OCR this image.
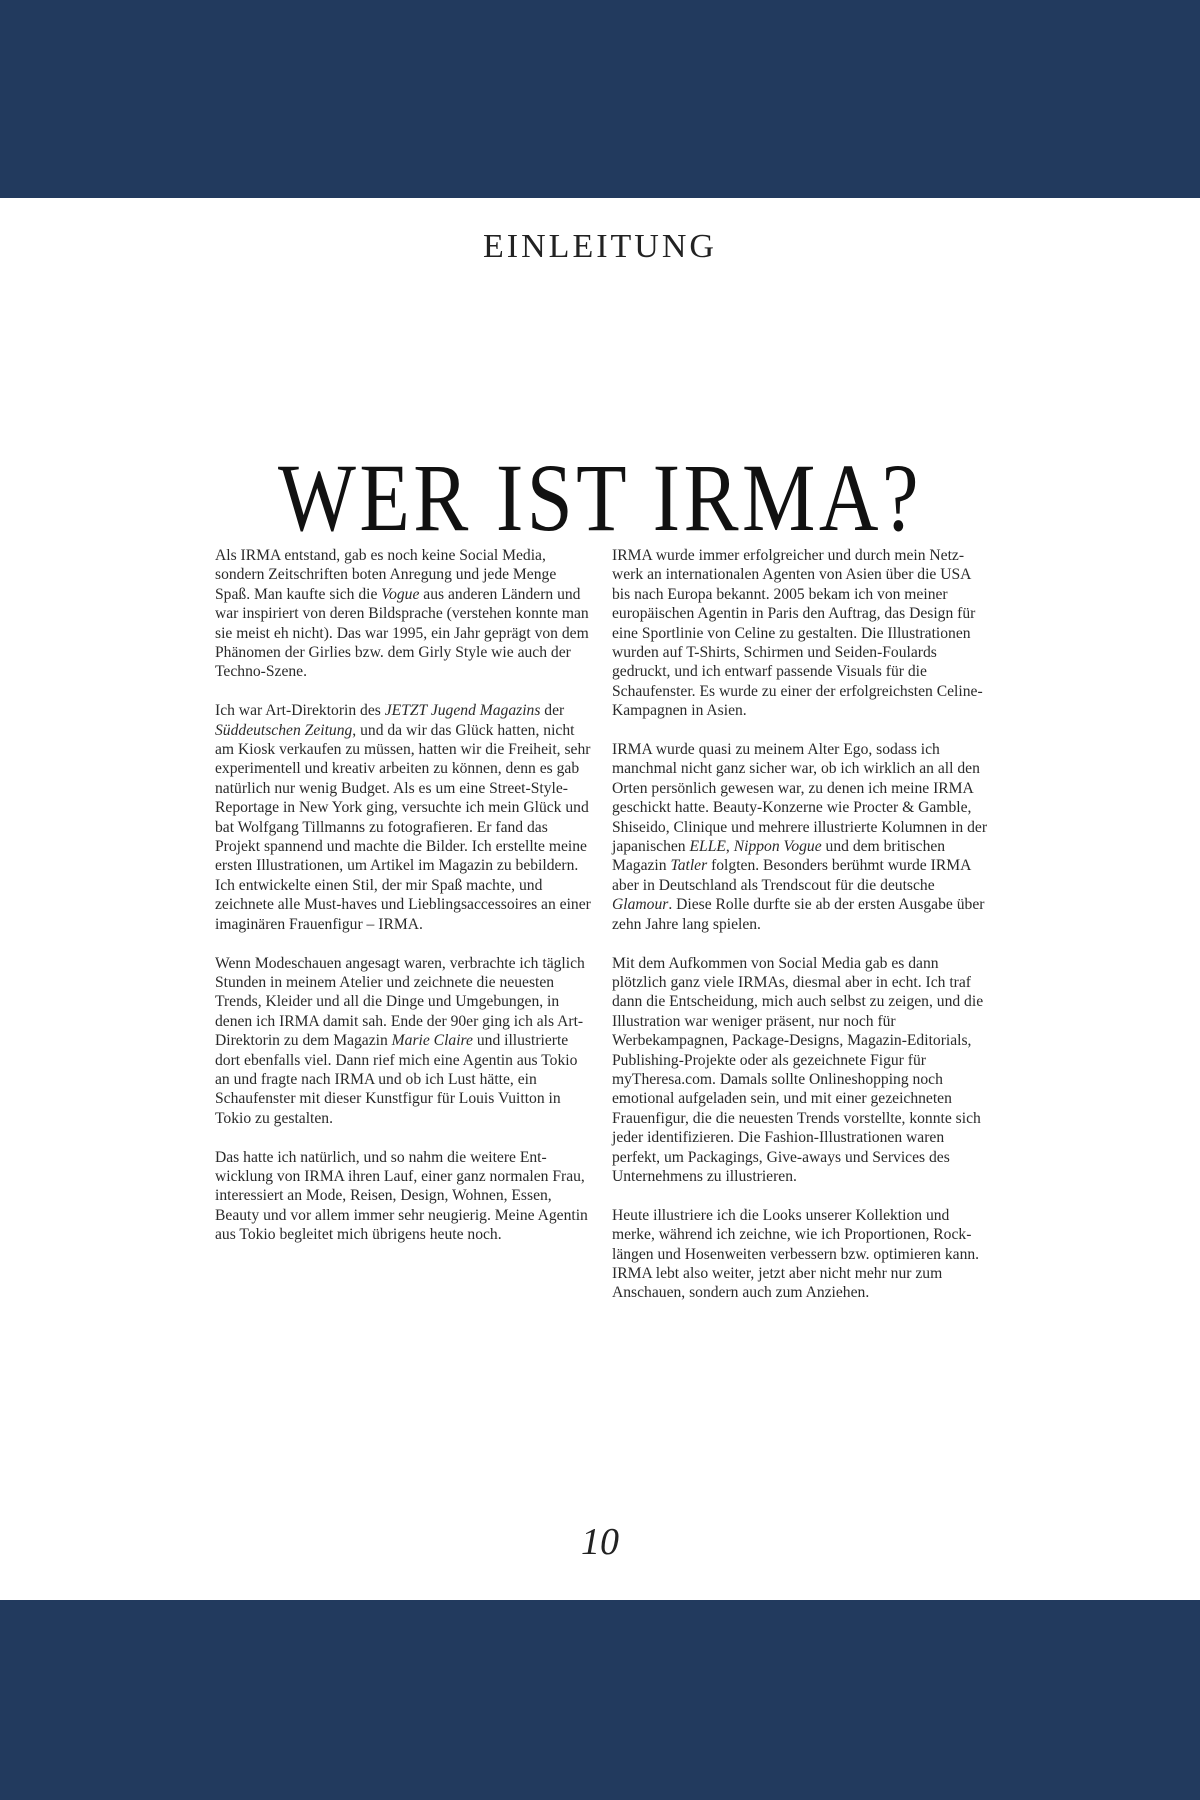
EINLEITUNG
WER IST IRMA?

Als IRMA entstand, gab es noch keine Social Media, sondern Zeitschriften boten Anregung und jede Menge Spaß. Man kaufte sich die Vogue aus anderen Ländern und war inspiriert von deren Bildsprache (verstehen konnte man sie meist eh nicht). Das war 1995, ein Jahr geprägt von dem Phänomen der Girlies bzw. dem Girly Style wie auch der Techno-Szene.

Ich war Art-Direktorin des JETZT Jugend Magazins der Süddeutschen Zeitung, und da wir das Glück hatten, nicht am Kiosk verkaufen zu müssen, hatten wir die Freiheit, sehr experimentell und kreativ arbeiten zu können, denn es gab natürlich nur wenig Budget. Als es um eine Street-Style-Reportage in New York ging, versuchte ich mein Glück und bat Wolfgang Tillmanns zu fotografieren. Er fand das Projekt spannend und machte die Bilder. Ich erstellte meine ersten Illustrationen, um Artikel im Magazin zu bebildern. Ich entwickelte einen Stil, der mir Spaß machte, und zeichnete alle Must-haves und Lieblingsaccessoires an einer imaginären Frauenfigur – IRMA.

Wenn Modeschauen angesagt waren, verbrachte ich täglich Stunden in meinem Atelier und zeichnete die neuesten Trends, Kleider und all die Dinge und Umgebungen, in denen ich IRMA damit sah. Ende der 90er ging ich als Art-Direktorin zu dem Magazin Marie Claire und illustrierte dort ebenfalls viel. Dann rief mich eine Agentin aus Tokio an und fragte nach IRMA und ob ich Lust hätte, ein Schaufenster mit dieser Kunstfigur für Louis Vuitton in Tokio zu gestalten.

Das hatte ich natürlich, und so nahm die weitere Entwicklung von IRMA ihren Lauf, einer ganz normalen Frau, interessiert an Mode, Reisen, Design, Wohnen, Essen, Beauty und vor allem immer sehr neugierig. Meine Agentin aus Tokio begleitet mich übrigens heute noch.

IRMA wurde immer erfolgreicher und durch mein Netzwerk an internationalen Agenten von Asien über die USA bis nach Europa bekannt. 2005 bekam ich von meiner europäischen Agentin in Paris den Auftrag, das Design für eine Sportlinie von Celine zu gestalten. Die Illustrationen wurden auf T-Shirts, Schirmen und Seiden-Foulards gedruckt, und ich entwarf passende Visuals für die Schaufenster. Es wurde zu einer der erfolgreichsten Celine-Kampagnen in Asien.

IRMA wurde quasi zu meinem Alter Ego, sodass ich manchmal nicht ganz sicher war, ob ich wirklich an all den Orten persönlich gewesen war, zu denen ich meine IRMA geschickt hatte. Beauty-Konzerne wie Procter & Gamble, Shiseido, Clinique und mehrere illustrierte Kolumnen in der japanischen ELLE, Nippon Vogue und dem britischen Magazin Tatler folgten. Besonders berühmt wurde IRMA aber in Deutschland als Trendscout für die deutsche Glamour. Diese Rolle durfte sie ab der ersten Ausgabe über zehn Jahre lang spielen.

Mit dem Aufkommen von Social Media gab es dann plötzlich ganz viele IRMAs, diesmal aber in echt. Ich traf dann die Entscheidung, mich auch selbst zu zeigen, und die Illustration war weniger präsent, nur noch für Werbekampagnen, Package-Designs, Magazin-Editorials, Publishing-Projekte oder als gezeichnete Figur für myTheresa.com. Damals sollte Onlineshopping noch emotional aufgeladen sein, und mit einer gezeichneten Frauenfigur, die die neuesten Trends vorstellte, konnte sich jeder identifizieren. Die Fashion-Illustrationen waren perfekt, um Packagings, Give-aways und Services des Unternehmens zu illustrieren.

Heute illustriere ich die Looks unserer Kollektion und merke, während ich zeichne, wie ich Proportionen, Rocklängen und Hosenweiten verbessern bzw. optimieren kann. IRMA lebt also weiter, jetzt aber nicht mehr nur zum Anschauen, sondern auch zum Anziehen.

10
